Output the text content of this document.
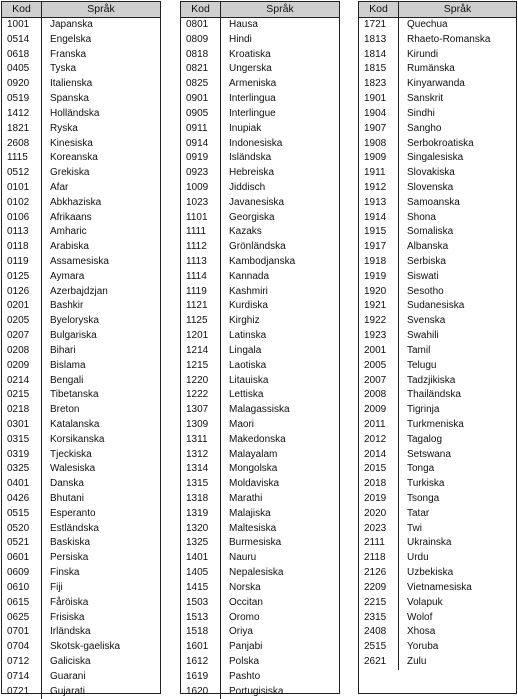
Kod	Språk
1001	Japanska
0514	Engelska
0618	Franska
0405	Tyska
0920	Italienska
0519	Spanska
1412	Holländska
1821	Ryska
2608	Kinesiska
1115	Koreanska
0512	Grekiska
0101	Afar
0102	Abkhaziska
0106	Afrikaans
0113	Amharic
0118	Arabiska
0119	Assamesiska
0125	Aymara
0126	Azerbajdzjan
0201	Bashkir
0205	Byeloryska
0207	Bulgariska
0208	Bihari
0209	Bislama
0214	Bengali
0215	Tibetanska
0218	Breton
0301	Katalanska
0315	Korsikanska
0319	Tjeckiska
0325	Walesiska
0401	Danska
0426	Bhutani
0515	Esperanto
0520	Estländska
0521	Baskiska
0601	Persiska
0609	Finska
0610	Fiji
0615	Fåröiska
0625	Frisiska
0701	Irländska
0704	Skotsk-gaeliska
0712	Galiciska
0714	Guarani
0721	Gujarati
Kod	Språk
0801	Hausa
0809	Hindi
0818	Kroatiska
0821	Ungerska
0825	Armeniska
0901	Interlingua
0905	Interlingue
0911	Inupiak
0914	Indonesiska
0919	Isländska
0923	Hebreiska
1009	Jiddisch
1023	Javanesiska
1101	Georgiska
1111	Kazaks
1112	Grönländska
1113	Kambodjanska
1114	Kannada
1119	Kashmiri
1121	Kurdiska
1125	Kirghiz
1201	Latinska
1214	Lingala
1215	Laotiska
1220	Litauiska
1222	Lettiska
1307	Malagassiska
1309	Maori
1311	Makedonska
1312	Malayalam
1314	Mongolska
1315	Moldaviska
1318	Marathi
1319	Malajiska
1320	Maltesiska
1325	Burmesiska
1401	Nauru
1405	Nepalesiska
1415	Norska
1503	Occitan
1513	Oromo
1518	Oriya
1601	Panjabi
1612	Polska
1619	Pashto
1620	Portugisiska
Kod	Språk
1721	Quechua
1813	Rhaeto-Romanska
1814	Kirundi
1815	Rumänska
1823	Kinyarwanda
1901	Sanskrit
1904	Sindhi
1907	Sangho
1908	Serbokroatiska
1909	Singalesiska
1911	Slovakiska
1912	Slovenska
1913	Samoanska
1914	Shona
1915	Somaliska
1917	Albanska
1918	Serbiska
1919	Siswati
1920	Sesotho
1921	Sudanesiska
1922	Svenska
1923	Swahili
2001	Tamil
2005	Telugu
2007	Tadzjikiska
2008	Thailändska
2009	Tigrinja
2011	Turkmeniska
2012	Tagalog
2014	Setswana
2015	Tonga
2018	Turkiska
2019	Tsonga
2020	Tatar
2023	Twi
2111	Ukrainska
2118	Urdu
2126	Uzbekiska
2209	Vietnamesiska
2215	Volapuk
2315	Wolof
2408	Xhosa
2515	Yoruba
2621	Zulu
